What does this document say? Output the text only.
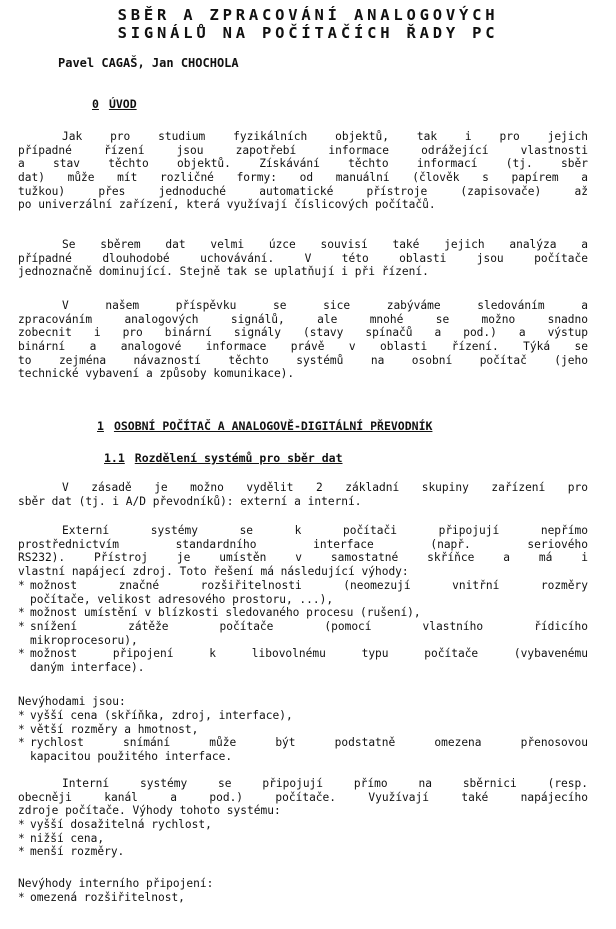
SBĚR A ZPRACOVÁNÍ ANALOGOVÝCH
SIGNÁLŮ NA POČÍTAČÍCH ŘADY PC
Pavel CAGAŠ, Jan CHOCHOLA
0 ÚVOD
Jak pro studium fyzikálních objektů, tak i pro jejich
případné řízení jsou zapotřebí informace odrážející vlastnosti
a stav těchto objektů. Získávání těchto informací (tj. sběr
dat) může mít rozličné formy: od manuální (člověk s papírem a
tužkou) přes jednoduché automatické přístroje (zapisovače) až
po univerzální zařízení, která využívají číslicových počítačů.
Se sběrem dat velmi úzce souvisí také jejich analýza a
případné dlouhodobé uchovávání. V této oblasti jsou počítače
jednoznačně dominující. Stejně tak se uplatňují i při řízení.
V našem příspěvku se sice zabýváme sledováním a
zpracováním analogových signálů, ale mnohé se možno snadno
zobecnit i pro binární signály (stavy spínačů a pod.) a výstup
binární a analogové informace právě v oblasti řízení. Týká se
to zejména návazností těchto systémů na osobní počítač (jeho
technické vybavení a způsoby komunikace).
1 OSOBNÍ POČÍTAČ A ANALOGOVĚ-DIGITÁLNÍ PŘEVODNÍK
1.1 Rozdělení systémů pro sběr dat
V zásadě je možno vydělit 2 základní skupiny zařízení pro
sběr dat (tj. i A/D převodníků): externí a interní.
Externí systémy se k počítači připojují nepřímo
prostřednictvím standardního interface (např. seriového
RS232). Přístroj je umístěn v samostatné skříňce a má i
vlastní napájecí zdroj. Toto řešení má následující výhody:
* možnost značné rozšiřitelnosti (neomezují vnitřní rozměry
počítače, velikost adresového prostoru, ...),
* možnost umístění v blízkosti sledovaného procesu (rušení),
* snížení zátěže počítače (pomocí vlastního řídicího
mikroprocesoru),
* možnost připojení k libovolnému typu počítače (vybavenému
daným interface).
Nevýhodami jsou:
* vyšší cena (skříňka, zdroj, interface),
* větší rozměry a hmotnost,
* rychlost snímání může být podstatně omezena přenosovou
kapacitou použitého interface.
Interní systémy se připojují přímo na sběrnici (resp.
obecněji kanál a pod.) počítače. Využívají také napájecího
zdroje počítače. Výhody tohoto systému:
* vyšší dosažitelná rychlost,
* nižší cena,
* menší rozměry.
Nevýhody interního připojení:
* omezená rozšiřitelnost,
